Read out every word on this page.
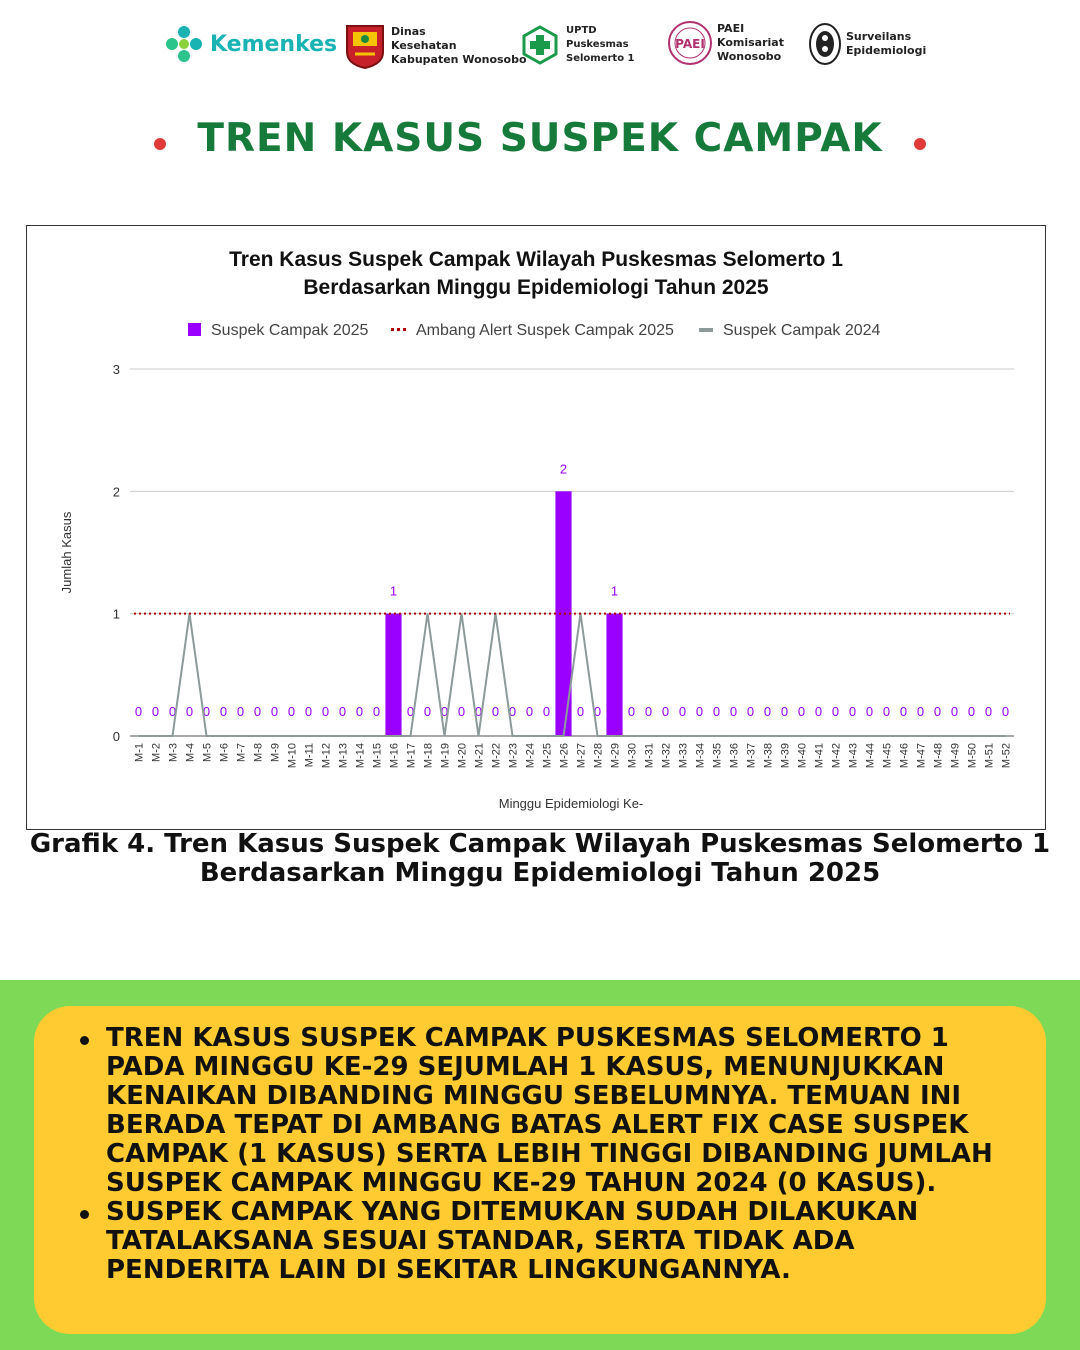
Kemenkes	Dinas
Kesehatan
Kabupaten Wonosobo
UPTD
Puskesmas
Selomerto 1
PAEI
PAEI
Komisariat
Wonosobo
Surveilans
Epidemiologi
TREN KASUS SUSPEK CAMPAK
Tren Kasus Suspek Campak Wilayah Puskesmas Selomerto 1
Berdasarkan Minggu Epidemiologi Tahun 2025
Suspek Campak 2025	Ambang Alert Suspek Campak 2025	Suspek Campak 2024
0
1
2
3
Jumlah Kasus
0 0 0 0 0 0 0 0 0 0 0 0 0 0 0
1
0 0 0 0 0 0 0 0 0
2
0 0
1
0 0 0 0 0 0 0 0 0 0 0 0 0 0 0 0 0 0 0 0 0 0 0
M-1 M-2 M-3 M-4 M-5 M-6 M-7 M-8 M-9 M-10 M-11 M-12 M-13 M-14 M-15 M-16 M-17 M-18 M-19 M-20 M-21 M-22 M-23 M-24 M-25 M-26 M-27 M-28 M-29 M-30 M-31 M-32 M-33 M-34 M-35 M-36 M-37 M-38 M-39 M-40 M-41 M-42 M-43 M-44 M-45 M-46 M-47 M-48 M-49 M-50 M-51 M-52
Minggu Epidemiologi Ke-
Grafik 4. Tren Kasus Suspek Campak Wilayah Puskesmas Selomerto 1 Berdasarkan Minggu Epidemiologi Tahun 2025
TREN KASUS SUSPEK CAMPAK PUSKESMAS SELOMERTO 1 PADA MINGGU KE-29 SEJUMLAH 1 KASUS, MENUNJUKKAN KENAIKAN DIBANDING MINGGU SEBELUMNYA. TEMUAN INI BERADA TEPAT DI AMBANG BATAS ALERT FIX CASE SUSPEK CAMPAK (1 KASUS) SERTA LEBIH TINGGI DIBANDING JUMLAH SUSPEK CAMPAK MINGGU KE-29 TAHUN 2024 (0 KASUS).
SUSPEK CAMPAK YANG DITEMUKAN SUDAH DILAKUKAN TATALAKSANA SESUAI STANDAR, SERTA TIDAK ADA PENDERITA LAIN DI SEKITAR LINGKUNGANNYA.
